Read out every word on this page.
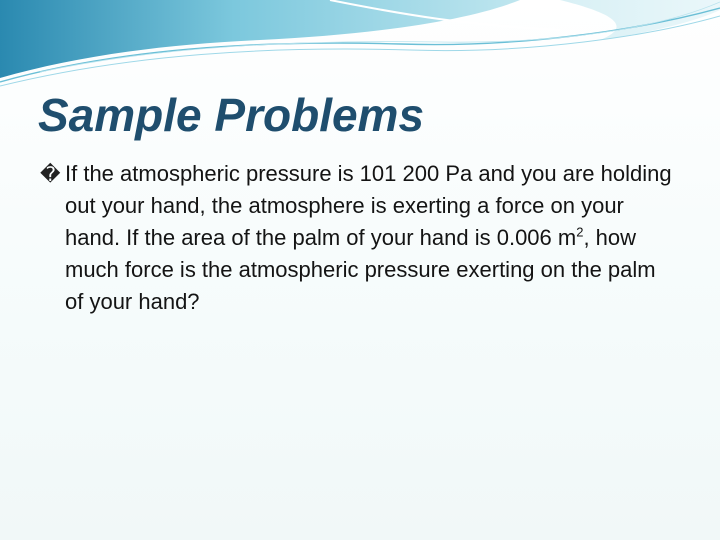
Sample Problems

� If the atmospheric pressure is 101 200 Pa and you are holding out your hand, the atmosphere is exerting a force on your hand. If the area of the palm of your hand is 0.006 $m^2$, how much force is the atmospheric pressure exerting on the palm of your hand?
